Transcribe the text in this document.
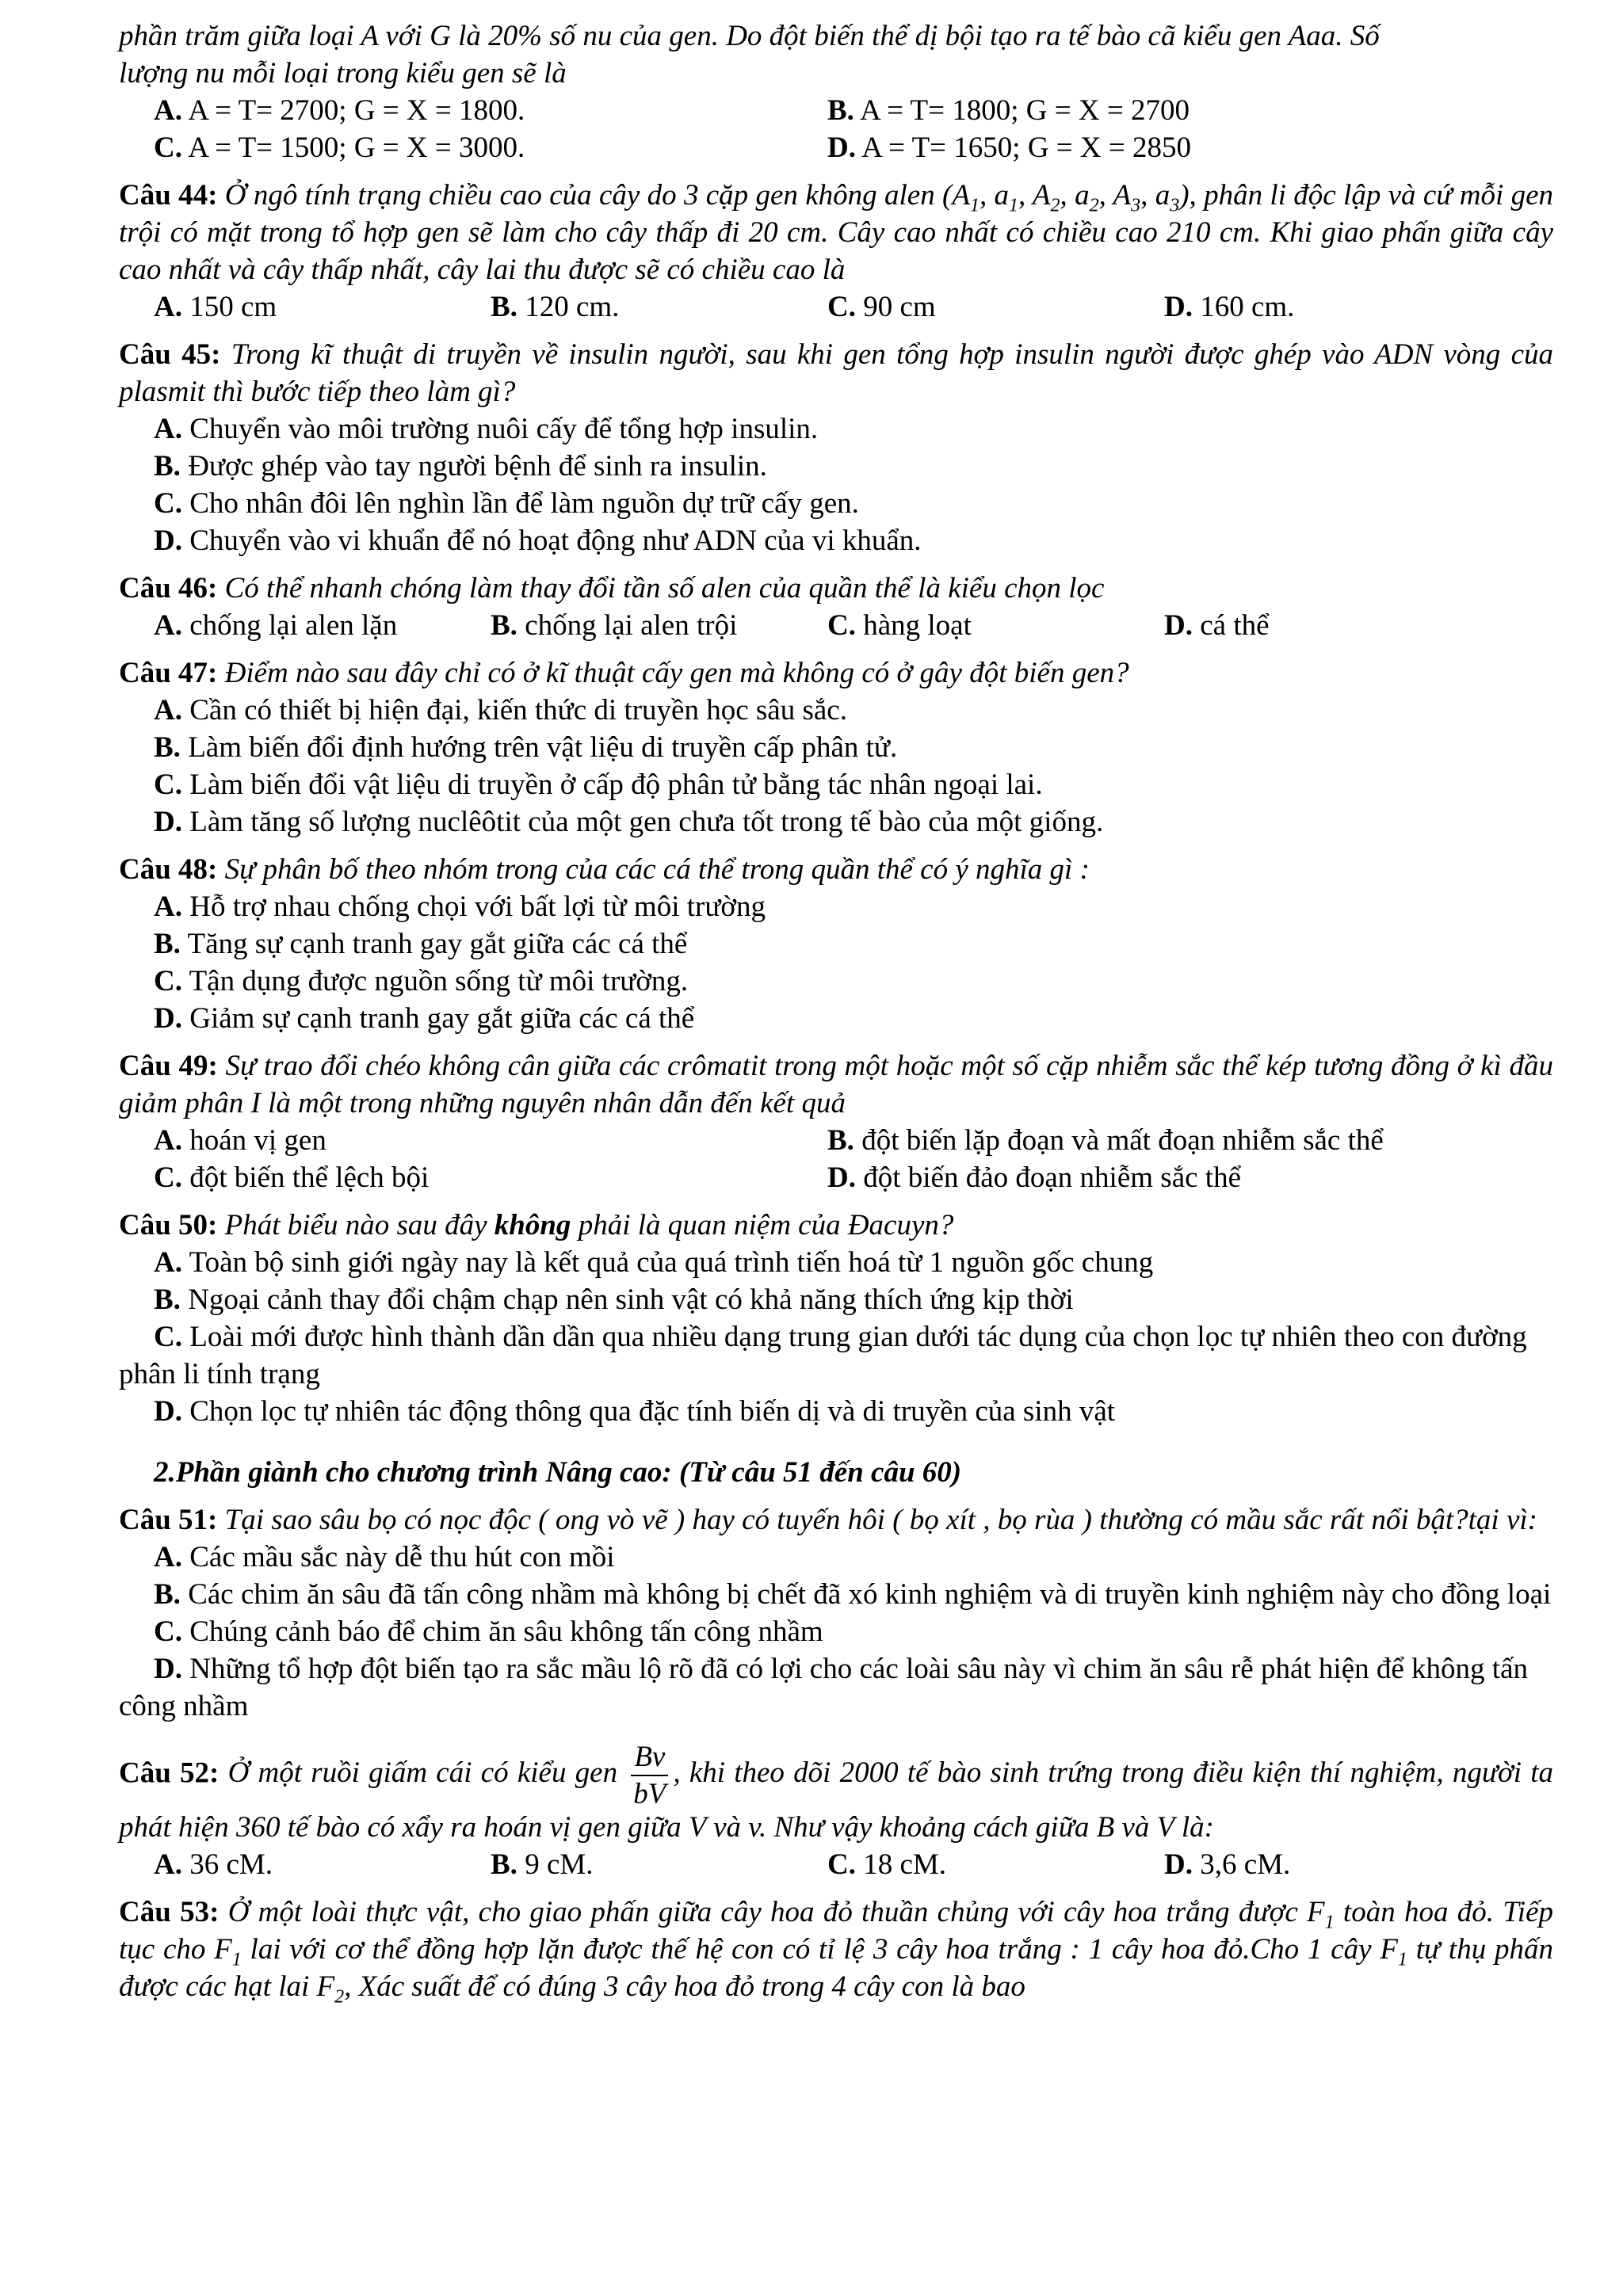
phần trăm giữa loại A với G là 20% số nu của gen. Do đột biến thể dị bội tạo ra tế bào cã kiểu gen Aaa. Số
lượng nu mỗi loại trong kiểu gen sẽ là
A. A = T= 2700; G = X = 1800.	B. A = T= 1800; G = X = 2700
C. A = T= 1500; G = X = 3000.	D. A = T= 1650; G = X = 2850
Câu 44: Ở ngô tính trạng chiều cao của cây do 3 cặp gen không alen ($A_1$, $a_1$, $A_2$, $a_2$, $A_3$, $a_3$), phân li độc lập và cứ mỗi gen trội có mặt trong tổ hợp gen sẽ làm cho cây thấp đi 20 cm. Cây cao nhất có chiều cao 210 cm. Khi giao phấn giữa cây cao nhất và cây thấp nhất, cây lai thu được sẽ có chiều cao là
A. 150 cm	B. 120 cm.	C. 90 cm	D. 160 cm.
Câu 45: Trong kĩ thuật di truyền về insulin người, sau khi gen tổng hợp insulin người được ghép vào ADN vòng của plasmit thì bước tiếp theo làm gì?
A. Chuyển vào môi trường nuôi cấy để tổng hợp insulin.
B. Được ghép vào tay người bệnh để sinh ra insulin.
C. Cho nhân đôi lên nghìn lần để làm nguồn dự trữ cấy gen.
D. Chuyển vào vi khuẩn để nó hoạt động như ADN của vi khuẩn.
Câu 46: Có thể nhanh chóng làm thay đổi tần số alen của quần thể là kiểu chọn lọc
A. chống lại alen lặn	B. chống lại alen trội	C. hàng loạt	D. cá thể
Câu 47: Điểm nào sau đây chỉ có ở kĩ thuật cấy gen mà không có ở gây đột biến gen?
A. Cần có thiết bị hiện đại, kiến thức di truyền học sâu sắc.
B. Làm biến đổi định hướng trên vật liệu di truyền cấp phân tử.
C. Làm biến đổi vật liệu di truyền ở cấp độ phân tử bằng tác nhân ngoại lai.
D. Làm tăng số lượng nuclêôtit của một gen chưa tốt trong tế bào của một giống.
Câu 48: Sự phân bố theo nhóm trong của các cá thể trong quần thể có ý nghĩa gì :
A. Hỗ trợ nhau chống chọi với bất lợi từ môi trường
B. Tăng sự cạnh tranh gay gắt giữa các cá thể
C. Tận dụng được nguồn sống từ môi trường.
D. Giảm sự cạnh tranh gay gắt giữa các cá thể
Câu 49: Sự trao đổi chéo không cân giữa các crômatit trong một hoặc một số cặp nhiễm sắc thể kép tương đồng ở kì đầu giảm phân I là một trong những nguyên nhân dẫn đến kết quả
A. hoán vị gen	B. đột biến lặp đoạn và mất đoạn nhiễm sắc thể
C. đột biến thể lệch bội	D. đột biến đảo đoạn nhiễm sắc thể
Câu 50: Phát biểu nào sau đây không phải là quan niệm của Đacuyn?
A. Toàn bộ sinh giới ngày nay là kết quả của quá trình tiến hoá từ 1 nguồn gốc chung
B. Ngoại cảnh thay đổi chậm chạp nên sinh vật có khả năng thích ứng kịp thời
C. Loài mới được hình thành dần dần qua nhiều dạng trung gian dưới tác dụng của chọn lọc tự nhiên theo con đường phân li tính trạng
D. Chọn lọc tự nhiên tác động thông qua đặc tính biến dị và di truyền của sinh vật
2.Phần giành cho chương trình Nâng cao: (Từ câu 51 đến câu 60)
Câu 51: Tại sao sâu bọ có nọc độc ( ong vò vẽ ) hay có tuyến hôi ( bọ xít , bọ rùa ) thường có mầu sắc rất nổi bật?tại vì:
A. Các mầu sắc này dễ thu hút con mồi
B. Các chim ăn sâu đã tấn công nhầm mà không bị chết đã xó kinh nghiệm và di truyền kinh nghiệm này cho đồng loại
C. Chúng cảnh báo để chim ăn sâu không tấn công nhầm
D. Những tổ hợp đột biến tạo ra sắc mầu lộ rõ đã có lợi cho các loài sâu này vì chim ăn sâu rễ phát hiện để không tấn công nhầm
Câu 52: Ở một ruồi giấm cái có kiểu gen $\frac{Bv}{bV}$ , khi theo dõi 2000 tế bào sinh trứng trong điều kiện thí nghiệm, người ta phát hiện 360 tế bào có xẩy ra hoán vị gen giữa V và v. Như vậy khoảng cách giữa B và V là:
A. 36 cM.	B. 9 cM.	C. 18 cM.	D. 3,6 cM.
Câu 53: Ở một loài thực vật, cho giao phấn giữa cây hoa đỏ thuần chủng với cây hoa trắng được $F_1$ toàn hoa đỏ. Tiếp tục cho $F_1$ lai với cơ thể đồng hợp lặn được thế hệ con có tỉ lệ 3 cây hoa trắng : 1 cây hoa đỏ.Cho 1 cây $F_1$ tự thụ phấn được các hạt lai $F_2$, Xác suất để có đúng 3 cây hoa đỏ trong 4 cây con là bao
